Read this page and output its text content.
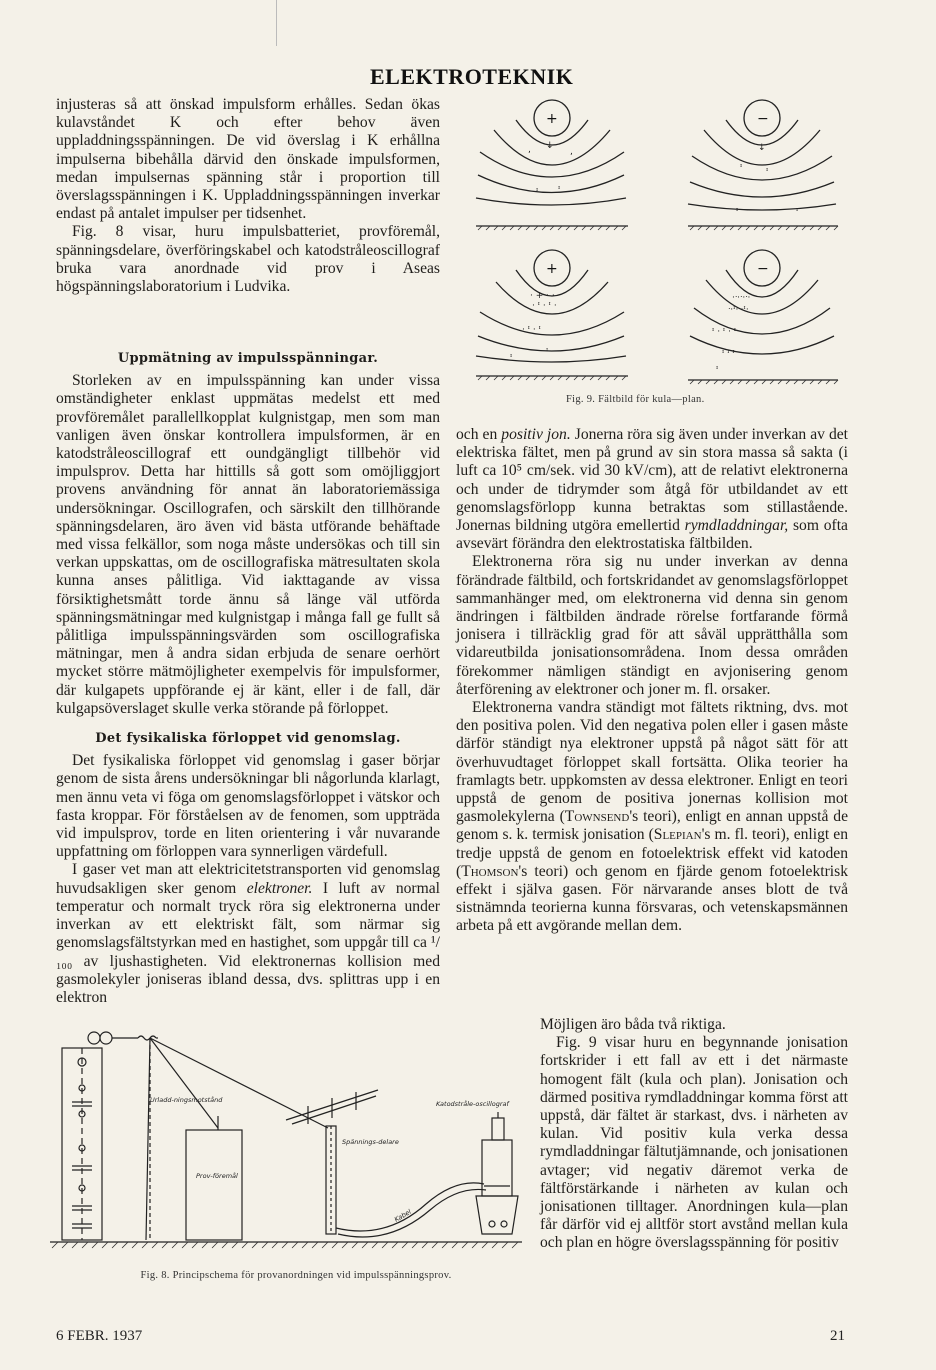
ELEKTROTEKNIK

injusteras så att önskad impulsform erhålles. Sedan ökas kulavståndet K och efter behov även uppladdningsspänningen. De vid överslag i K erhållna impulserna bibehålla därvid den önskade impulsformen, medan impulsernas spänning står i proportion till överslagsspänningen i K. Uppladdningsspänningen inverkar endast på antalet impulser per tidsenhet.

Fig. 8 visar, huru impulsbatteriet, provföremål, spänningsdelare, överföringskabel och katodstråleoscillograf bruka vara anordnade vid prov i Aseas högspänningslaboratorium i Ludvika.

Uppmätning av impulsspänningar.

Storleken av en impulsspänning kan under vissa omständigheter enklast uppmätas medelst ett med provföremålet parallellkopplat kulgnistgap, men som man vanligen även önskar kontrollera impulsformen, är en katodstråleoscillograf ett oundgängligt tillbehör vid impulsprov. Detta har hittills så gott som omöjliggjort provens användning för annat än laboratoriemässiga undersökningar. Oscillografen, och särskilt den tillhörande spänningsdelaren, äro även vid bästa utförande behäftade med vissa felkällor, som noga måste undersökas och till sin verkan uppskattas, om de oscillografiska mätresultaten skola kunna anses pålitliga. Vid iakttagande av vissa försiktighetsmått torde ännu så länge väl utförda spänningsmätningar med kulgnistgap i många fall ge fullt så pålitliga impulsspänningsvärden som oscillografiska mätningar, men å andra sidan erbjuda de senare oerhört mycket större mätmöjligheter exempelvis för impulsformer, där kulgapets uppförande ej är känt, eller i de fall, där kulgapsöverslaget skulle verka störande på förloppet.

Det fysikaliska förloppet vid genomslag.

Det fysikaliska förloppet vid genomslag i gaser börjar genom de sista årens undersökningar bli någorlunda klarlagt, men ännu veta vi föga om genomslagsförloppet i vätskor och fasta kroppar. För förståelsen av de fenomen, som uppträda vid impulsprov, torde en liten orientering i vår nuvarande uppfattning om förloppen vara synnerligen värdefull.

I gaser vet man att elektricitetstransporten vid genomslag huvudsakligen sker genom elektroner. I luft av normal temperatur och normalt tryck röra sig elektronerna under inverkan av ett elektriskt fält, som närmar sig genomslagsfältstyrkan med en hastighet, som uppgår till ca ¹/₁₀₀ av ljushastigheten. Vid elektronernas kollision med gasmolekyler joniseras ibland dessa, dvs. splittras upp i en elektron

↓
,	,
ᶦ ᶦ
↓
ᶦ	ᶦ
ᶦ	ᶦ
· + · ·
· ᶦ · ᶦ ·
· ᶦ · ᶦ
ᶦ
ᶦ
·ᐧ·ᐧ·ᐧ·
ᐧ·ᶦ·ᐧ·ᶦ·
ᶦ · ᶦ · ᶦ
ᶦ ᶦ ᶦ
ᶦ
+	−
+	−
Fig. 9. Fältbild för kula—plan.

och en positiv jon. Jonerna röra sig även under inverkan av det elektriska fältet, men på grund av sin stora massa så sakta (i luft ca 10⁵ cm/sek. vid 30 kV/cm), att de relativt elektronerna och under de tidrymder som åtgå för utbildandet av ett genomslagsförlopp kunna betraktas som stillastående. Jonernas bildning utgöra emellertid rymdladdningar, som ofta avsevärt förändra den elektrostatiska fältbilden.

Elektronerna röra sig nu under inverkan av denna förändrade fältbild, och fortskridandet av genomslagsförloppet sammanhänger med, om elektronerna vid denna sin genom ändringen i fältbilden ändrade rörelse fortfarande förmå jonisera i tillräcklig grad för att såväl upprätthålla som vidareutbilda jonisationsområdena. Inom dessa områden förekommer nämligen ständigt en avjonisering genom återförening av elektroner och joner m. fl. orsaker.

Elektronerna vandra ständigt mot fältets riktning, dvs. mot den positiva polen. Vid den negativa polen eller i gasen måste därför ständigt nya elektroner uppstå på något sätt för att överhuvudtaget förloppet skall fortsätta. Olika teorier ha framlagts betr. uppkomsten av dessa elektroner. Enligt en teori uppstå de genom de positiva jonernas kollision mot gasmolekylerna (Townsend's teori), enligt en annan uppstå de genom s. k. termisk jonisation (Slepian's m. fl. teori), enligt en tredje uppstå de genom en fotoelektrisk effekt vid katoden (Thomson's teori) och genom en fjärde genom fotoelektrisk effekt i själva gasen. För närvarande anses blott de två sistnämnda teorierna kunna försvaras, och vetenskapsmännen arbeta på ett avgörande mellan dem.

Möjligen äro båda två riktiga.

Fig. 9 visar huru en begynnande jonisation fortskrider i ett fall av ett i det närmaste homogent fält (kula och plan). Jonisation och därmed positiva rymdladdningar komma först att uppstå, där fältet är starkast, dvs. i närheten av kulan. Vid positiv kula verka dessa rymdladdningar fältutjämnande, och jonisationen avtager; vid negativ däremot verka de fältförstärkande i närheten av kulan och jonisationen tilltager. Anordningen kula—plan får därför vid ej alltför stort avstånd mellan kula och plan en högre överslagsspänning för positiv

Urladd-ningsmotstånd
Prov-föremål
Spännings-delare
Kabel
Katodstråle-oscillograf
Fig. 8. Principschema för provanordningen vid impulsspänningsprov.
6 FEBR. 1937	21
